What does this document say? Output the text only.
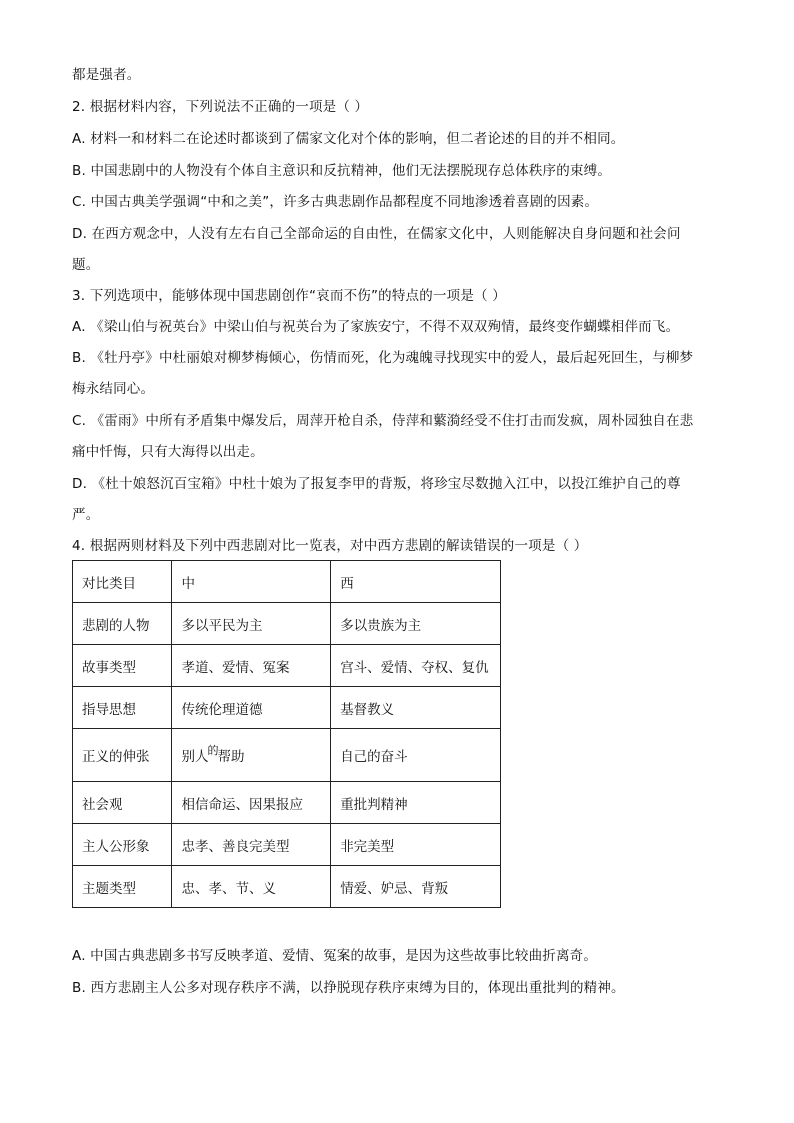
都是强者。
2. 根据材料内容，下列说法不正确的一项是（ ）
A. 材料一和材料二在论述时都谈到了儒家文化对个体的影响，但二者论述的目的并不相同。
B. 中国悲剧中的人物没有个体自主意识和反抗精神，他们无法摆脱现存总体秩序的束缚。
C. 中国古典美学强调“中和之美”，许多古典悲剧作品都程度不同地渗透着喜剧的因素。
D. 在西方观念中，人没有左右自己全部命运的自由性，在儒家文化中，人则能解决自身问题和社会问
题。
3. 下列选项中，能够体现中国悲剧创作“哀而不伤”的特点的一项是（ ）
A. 《梁山伯与祝英台》中梁山伯与祝英台为了家族安宁，不得不双双殉情，最终变作蝴蝶相伴而飞。
B. 《牡丹亭》中杜丽娘对柳梦梅倾心，伤情而死，化为魂魄寻找现实中的爱人，最后起死回生，与柳梦
梅永结同心。
C. 《雷雨》中所有矛盾集中爆发后，周萍开枪自杀，侍萍和蘩漪经受不住打击而发疯，周朴园独自在悲
痛中忏悔，只有大海得以出走。
D. 《杜十娘怒沉百宝箱》中杜十娘为了报复李甲的背叛，将珍宝尽数抛入江中，以投江维护自己的尊
严。
4. 根据两则材料及下列中西悲剧对比一览表，对中西方悲剧的解读错误的一项是（ ）
对比类目	中	西
悲剧的人物	多以平民为主	多以贵族为主
故事类型	孝道、爱情、冤案	宫斗、爱情、夺权、复仇
指导思想	传统伦理道德	基督教义
正义的伸张	别人$^的$帮助	自己的奋斗
社会观	相信命运、因果报应	重批判精神
主人公形象	忠孝、善良完美型	非完美型
主题类型	忠、孝、节、义	情爱、妒忌、背叛
A. 中国古典悲剧多书写反映孝道、爱情、冤案的故事，是因为这些故事比较曲折离奇。
B. 西方悲剧主人公多对现存秩序不满，以挣脱现存秩序束缚为目的，体现出重批判的精神。
